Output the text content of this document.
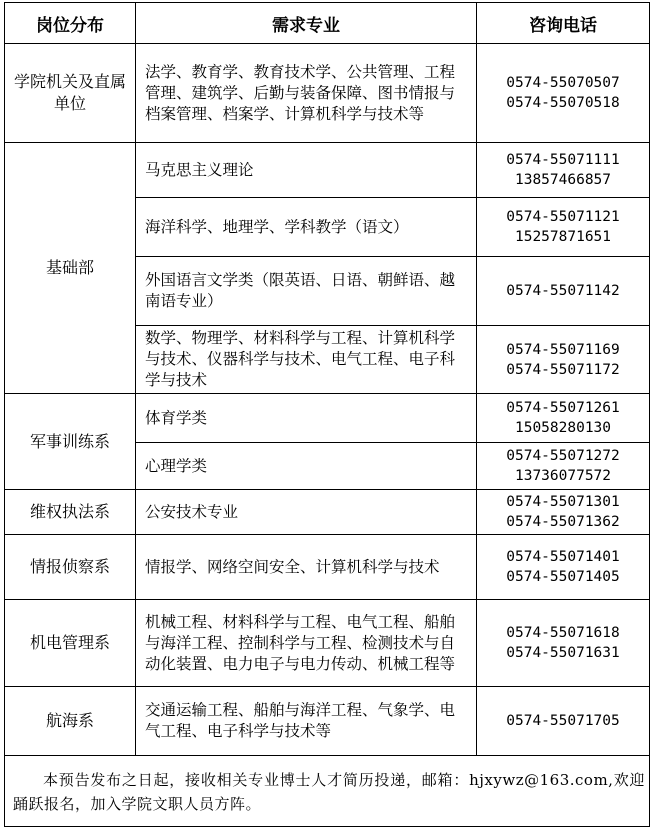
岗位分布	需求专业	咨询电话
学院机关及直属单位	法学、教育学、教育技术学、公共管理、工程管理、建筑学、后勤与装备保障、图书情报与档案管理、档案学、计算机科学与技术等	0574-55070507
0574-55070518

基础部	马克思主义理论	0574-55071111
13857466857

	海洋科学、地理学、学科教学（语文）	0574-55071121
15257871651

	外国语言文学类（限英语、日语、朝鲜语、越南语专业）	0574-55071142

	数学、物理学、材料科学与工程、计算机科学与技术、仪器科学与技术、电气工程、电子科学与技术	0574-55071169
0574-55071172

军事训练系	体育学类	0574-55071261
15058280130

	心理学类	0574-55071272
13736077572

维权执法系	公安技术专业	0574-55071301
0574-55071362

情报侦察系	情报学、网络空间安全、计算机科学与技术	0574-55071401
0574-55071405

机电管理系	机械工程、材料科学与工程、电气工程、船舶与海洋工程、控制科学与工程、检测技术与自动化装置、电力电子与电力传动、机械工程等	0574-55071618
0574-55071631

航海系	交通运输工程、船舶与海洋工程、气象学、电气工程、电子科学与技术等	0574-55071705

本预告发布之日起，接收相关专业博士人才简历投递，邮箱：hjxywz@163.com,欢迎踊跃报名，加入学院文职人员方阵。		
